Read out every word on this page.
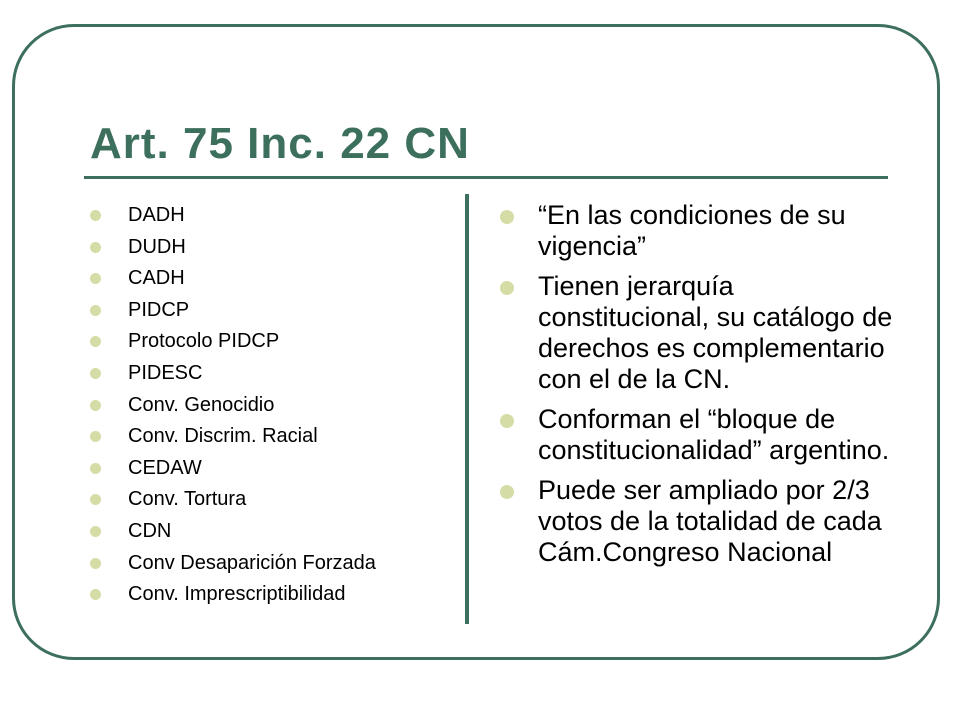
Art. 75 Inc. 22 CN
DADH
DUDH
CADH
PIDCP
Protocolo PIDCP
PIDESC
Conv. Genocidio
Conv. Discrim. Racial
CEDAW
Conv. Tortura
CDN
Conv Desaparición Forzada
Conv. Imprescriptibilidad
“En las condiciones de su vigencia”
Tienen jerarquía constitucional, su catálogo de derechos es complementario con el de la CN.
Conforman el “bloque de constitucionalidad” argentino.
Puede ser ampliado por 2/3 votos de la totalidad de cada Cám.Congreso Nacional
